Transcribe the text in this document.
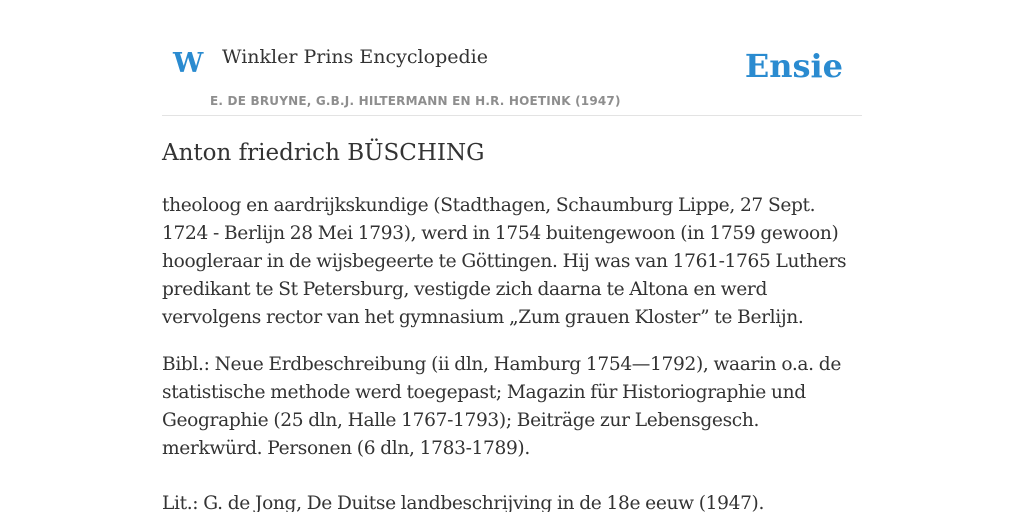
W Winkler Prins Encyclopedie
E. DE BRUYNE, G.B.J. HILTERMANN EN H.R. HOETINK (1947)
Ensie
Anton friedrich BÜSCHING

theoloog en aardrijkskundige (Stadthagen, Schaumburg Lippe, 27 Sept. 1724 - Berlijn 28 Mei 1793), werd in 1754 buitengewoon (in 1759 gewoon) hoogleraar in de wijsbegeerte te Göttingen. Hij was van 1761-1765 Luthers predikant te St Petersburg, vestigde zich daarna te Altona en werd vervolgens rector van het gymnasium „Zum grauen Kloster” te Berlijn.

Bibl.: Neue Erdbeschreibung (ii dln, Hamburg 1754—1792), waarin o.a. de statistische methode werd toegepast; Magazin für Historiographie und Geographie (25 dln, Halle 1767-1793); Beiträge zur Lebensgesch. merkwürd. Personen (6 dln, 1783-1789).

Lit.: G. de Jong, De Duitse landbeschrijving in de 18e eeuw (1947).
